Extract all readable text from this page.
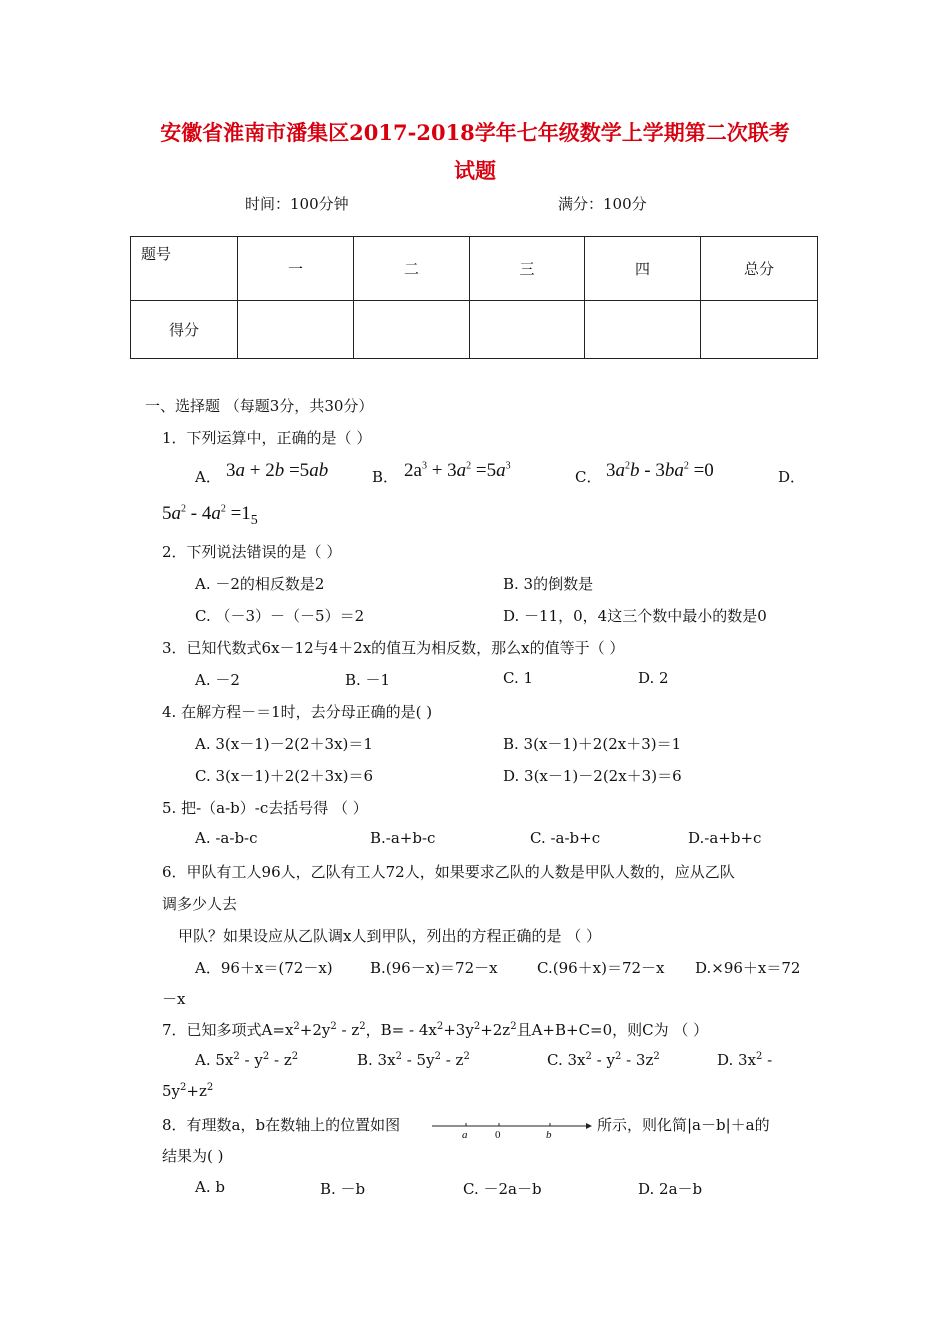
安徽省淮南市潘集区2017-2018学年七年级数学上学期第二次联考
试题
时间：100分钟	满分：100分
题号	一	二	三	四	总分
得分					
一、选择题 （每题3分，共30分）
1．下列运算中，正确的是（ ）
A． 3a + 2b =5ab	B． $2a^3 + 3a^2 =5a^3$
C． $3a^2b - 3ba^2 =0$	D．
$5a^2 - 4a^2 =1_5$
2．下列说法错误的是（ ）
A. －2的相反数是2	B. 3的倒数是
C. （－3）－（－5）＝2	D. －11，0，4这三个数中最小的数是0
3．已知代数式6x－12与4＋2x的值互为相反数，那么x的值等于（ ）
A. －2	B. －1	C. 1	D. 2
4. 在解方程－＝1时，去分母正确的是( )
A. 3(x－1)－2(2＋3x)＝1	B. 3(x－1)＋2(2x＋3)＝1
C. 3(x－1)＋2(2＋3x)＝6	D. 3(x－1)－2(2x＋3)＝6
5. 把-（a-b）-c去括号得 （ ）
A. -a-b-c	B.-a+b-c	C. -a-b+c	D.-a+b+c
6．甲队有工人96人，乙队有工人72人，如果要求乙队的人数是甲队人数的，应从乙队
调多少人去
甲队？如果设应从乙队调x人到甲队，列出的方程正确的是 （ ）
A．96＋x＝(72－x) B.(96－x)＝72－x	C.(96＋x)＝72－x D.×96＋x＝72
－x
7．已知多项式$A=x^2+2y^2 - z^2$，$B= - 4x^2+3y^2+2z^2$且A+B+C=0，则C为 （ ）
A. $5x^2 - y^2 - z^2$	B. $3x^2 - 5y^2 - z^2$	C. $3x^2 - y^2 - 3z^2$	D. $3x^2$ -
$5y^2+z^2$
8．有理数a，b在数轴上的位置如图
a	0	b
所示，则化简|a－b|＋a的
结果为( )
A. b	B. －b	C. －2a－b	D. 2a－b
